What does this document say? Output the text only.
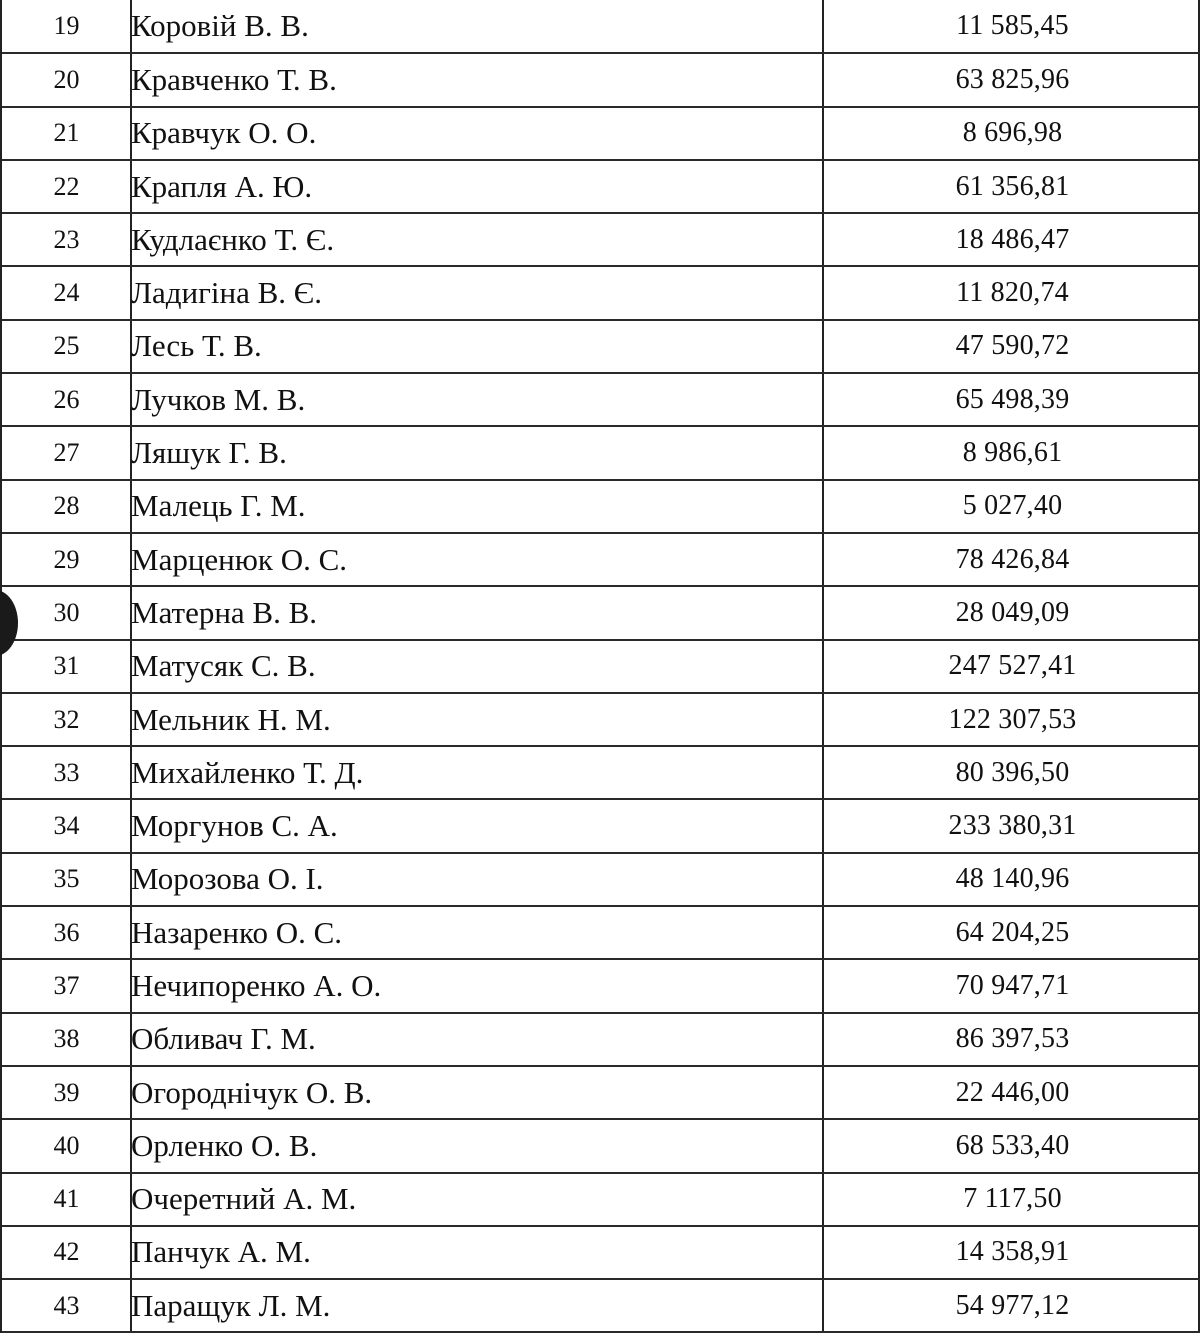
19	Коровій В. В.	11 585,45
20	Кравченко Т. В.	63 825,96
21	Кравчук О. О.	8 696,98
22	Крапля А. Ю.	61 356,81
23	Кудлаєнко Т. Є.	18 486,47
24	Ладигіна В. Є.	11 820,74
25	Лесь Т. В.	47 590,72
26	Лучков М. В.	65 498,39
27	Ляшук Г. В.	8 986,61
28	Малець Г. М.	5 027,40
29	Марценюк О. С.	78 426,84
30	Матерна В. В.	28 049,09
31	Матусяк С. В.	247 527,41
32	Мельник Н. М.	122 307,53
33	Михайленко Т. Д.	80 396,50
34	Моргунов С. А.	233 380,31
35	Морозова О. І.	48 140,96
36	Назаренко О. С.	64 204,25
37	Нечипоренко А. О.	70 947,71
38	Обливач Г. М.	86 397,53
39	Огороднічук О. В.	22 446,00
40	Орленко О. В.	68 533,40
41	Очеретний А. М.	7 117,50
42	Панчук А. М.	14 358,91
43	Паращук Л. М.	54 977,12
